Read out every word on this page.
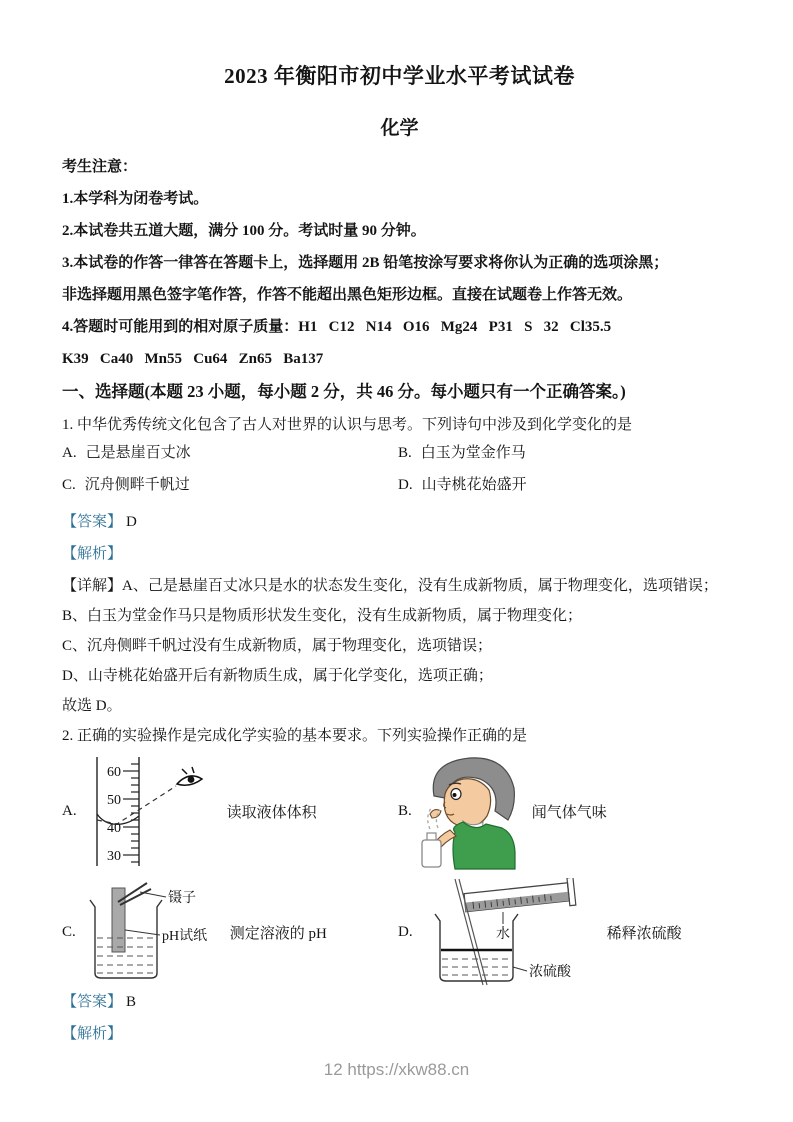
2023 年衡阳市初中学业水平考试试卷
化学

考生注意：

1.本学科为闭卷考试。

2.本试卷共五道大题，满分 100 分。考试时量 90 分钟。

3.本试卷的作答一律答在答题卡上，选择题用 2B 铅笔按涂写要求将你认为正确的选项涂黑；

非选择题用黑色签字笔作答，作答不能超出黑色矩形边框。直接在试题卷上作答无效。

4.答题时可能用到的相对原子质量：H1   C12   N14   O16   Mg24   P31   S   32   Cl35.5

K39   Ca40   Mn55   Cu64   Zn65   Ba137

一、选择题(本题 23 小题，每小题 2 分，共 46 分。每小题只有一个正确答案。)

1. 中华优秀传统文化包含了古人对世界的认识与思考。下列诗句中涉及到化学变化的是

A. 己是悬崖百丈冰	B. 白玉为堂金作马
C. 沉舟侧畔千帆过	D. 山寺桃花始盛开

【答案】 D

【解析】

【详解】A、己是悬崖百丈冰只是水的状态发生变化，没有生成新物质，属于物理变化，选项错误；

B、白玉为堂金作马只是物质形状发生变化，没有生成新物质，属于物理变化；

C、沉舟侧畔千帆过没有生成新物质，属于物理变化，选项错误；

D、山寺桃花始盛开后有新物质生成，属于化学变化，选项正确；

故选 D。

2. 正确的实验操作是完成化学实验的基本要求。下列实验操作正确的是

A.
60
50
40
30
读取液体体积	B.	闻气体气味
C.
镊子
pH试纸 测定溶液的 pH	D.	水
浓硫酸
稀释浓硫酸

【答案】 B

【解析】

12 https://xkw88.cn
